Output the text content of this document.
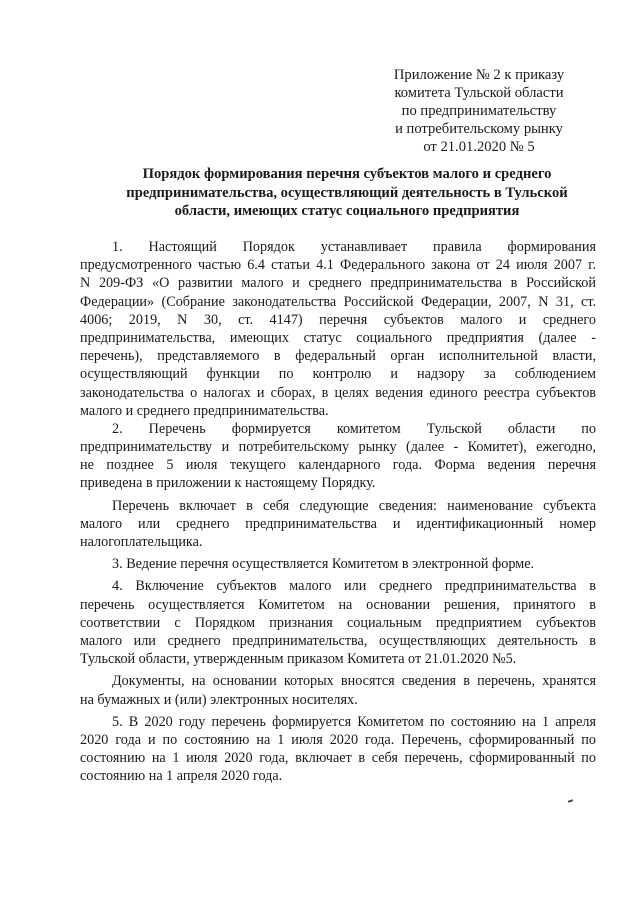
Приложение № 2 к приказу
комитета Тульской области
по предпринимательству
и потребительскому рынку
от 21.01.2020 № 5
Порядок формирования перечня субъектов малого и среднего
предпринимательства, осуществляющий деятельность в Тульской
области, имеющих статус социального предприятия
1. Настоящий Порядок устанавливает правила формирования
предусмотренного частью 6.4 статьи 4.1 Федерального закона от 24 июля 2007 г.
N 209-ФЗ «О развитии малого и среднего предпринимательства в Российской
Федерации» (Собрание законодательства Российской Федерации, 2007, N 31, ст.
4006; 2019, N 30, ст. 4147) перечня субъектов малого и среднего
предпринимательства, имеющих статус социального предприятия (далее -
перечень), представляемого в федеральный орган исполнительной власти,
осуществляющий функции по контролю и надзору за соблюдением
законодательства о налогах и сборах, в целях ведения единого реестра субъектов
малого и среднего предпринимательства.
2. Перечень формируется комитетом Тульской области по
предпринимательству и потребительскому рынку (далее - Комитет), ежегодно,
не позднее 5 июля текущего календарного года. Форма ведения перечня
приведена в приложении к настоящему Порядку.
Перечень включает в себя следующие сведения: наименование субъекта
малого или среднего предпринимательства и идентификационный номер
налогоплательщика.
3. Ведение перечня осуществляется Комитетом в электронной форме.
4. Включение субъектов малого или среднего предпринимательства в
перечень осуществляется Комитетом на основании решения, принятого в
соответствии с Порядком признания социальным предприятием субъектов
малого или среднего предпринимательства, осуществляющих деятельность в
Тульской области, утвержденным приказом Комитета от 21.01.2020 №5.
Документы, на основании которых вносятся сведения в перечень, хранятся
на бумажных и (или) электронных носителях.
5. В 2020 году перечень формируется Комитетом по состоянию на 1 апреля
2020 года и по состоянию на 1 июля 2020 года. Перечень, сформированный по
состоянию на 1 июля 2020 года, включает в себя перечень, сформированный по
состоянию на 1 апреля 2020 года.
